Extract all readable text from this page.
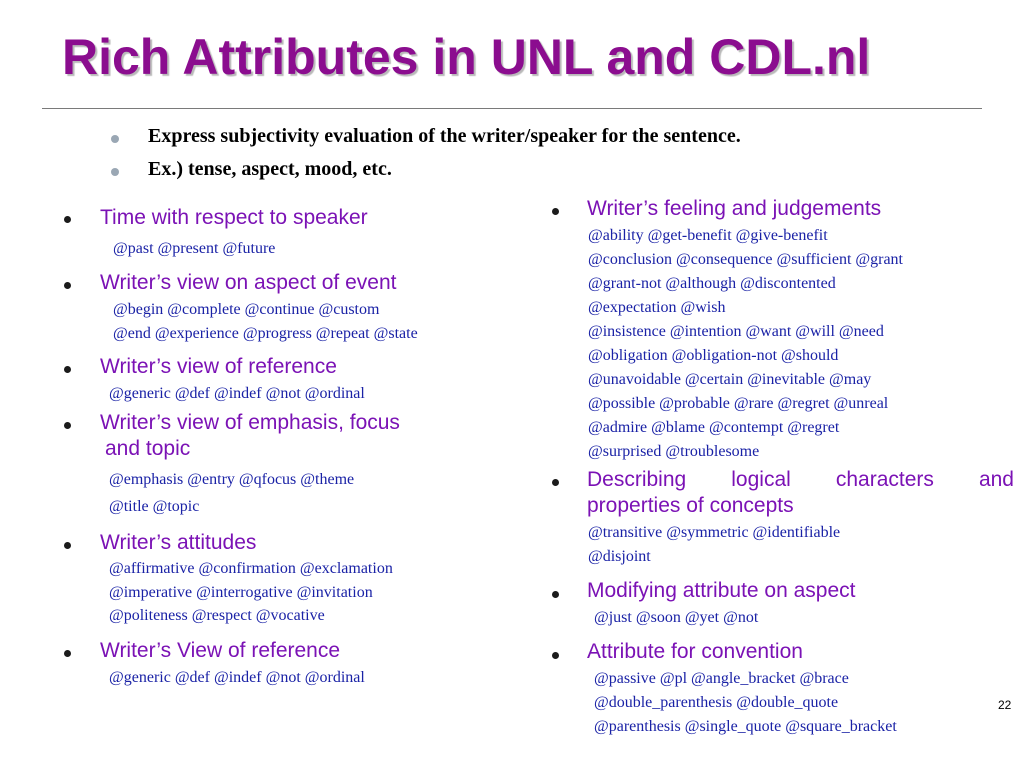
Rich Attributes in UNL and CDL.nl
Express subjectivity evaluation of the writer/speaker for the sentence.
Ex.) tense, aspect, mood, etc.
Time with respect to speaker
@past @present @future
Writer’s view on aspect of event
@begin @complete @continue @custom
@end @experience @progress @repeat @state
Writer’s view of reference
@generic @def @indef @not @ordinal
Writer’s view of emphasis, focus
and topic
@emphasis @entry @qfocus @theme
@title @topic
Writer’s attitudes
@affirmative @confirmation @exclamation
@imperative @interrogative @invitation
@politeness @respect @vocative
Writer’s View of reference
@generic @def @indef @not @ordinal
Writer’s feeling and judgements
@ability @get-benefit @give-benefit
@conclusion @consequence @sufficient @grant
@grant-not @although @discontented
@expectation @wish
@insistence @intention @want @will @need
@obligation @obligation-not @should
@unavoidable @certain @inevitable @may
@possible @probable @rare @regret @unreal
@admire @blame @contempt @regret
@surprised @troublesome
Describing logical characters and
properties of concepts
@transitive @symmetric @identifiable
@disjoint
Modifying attribute on aspect
@just @soon @yet @not
Attribute for convention
@passive @pl @angle_bracket @brace
@double_parenthesis @double_quote
@parenthesis @single_quote @square_bracket
22
